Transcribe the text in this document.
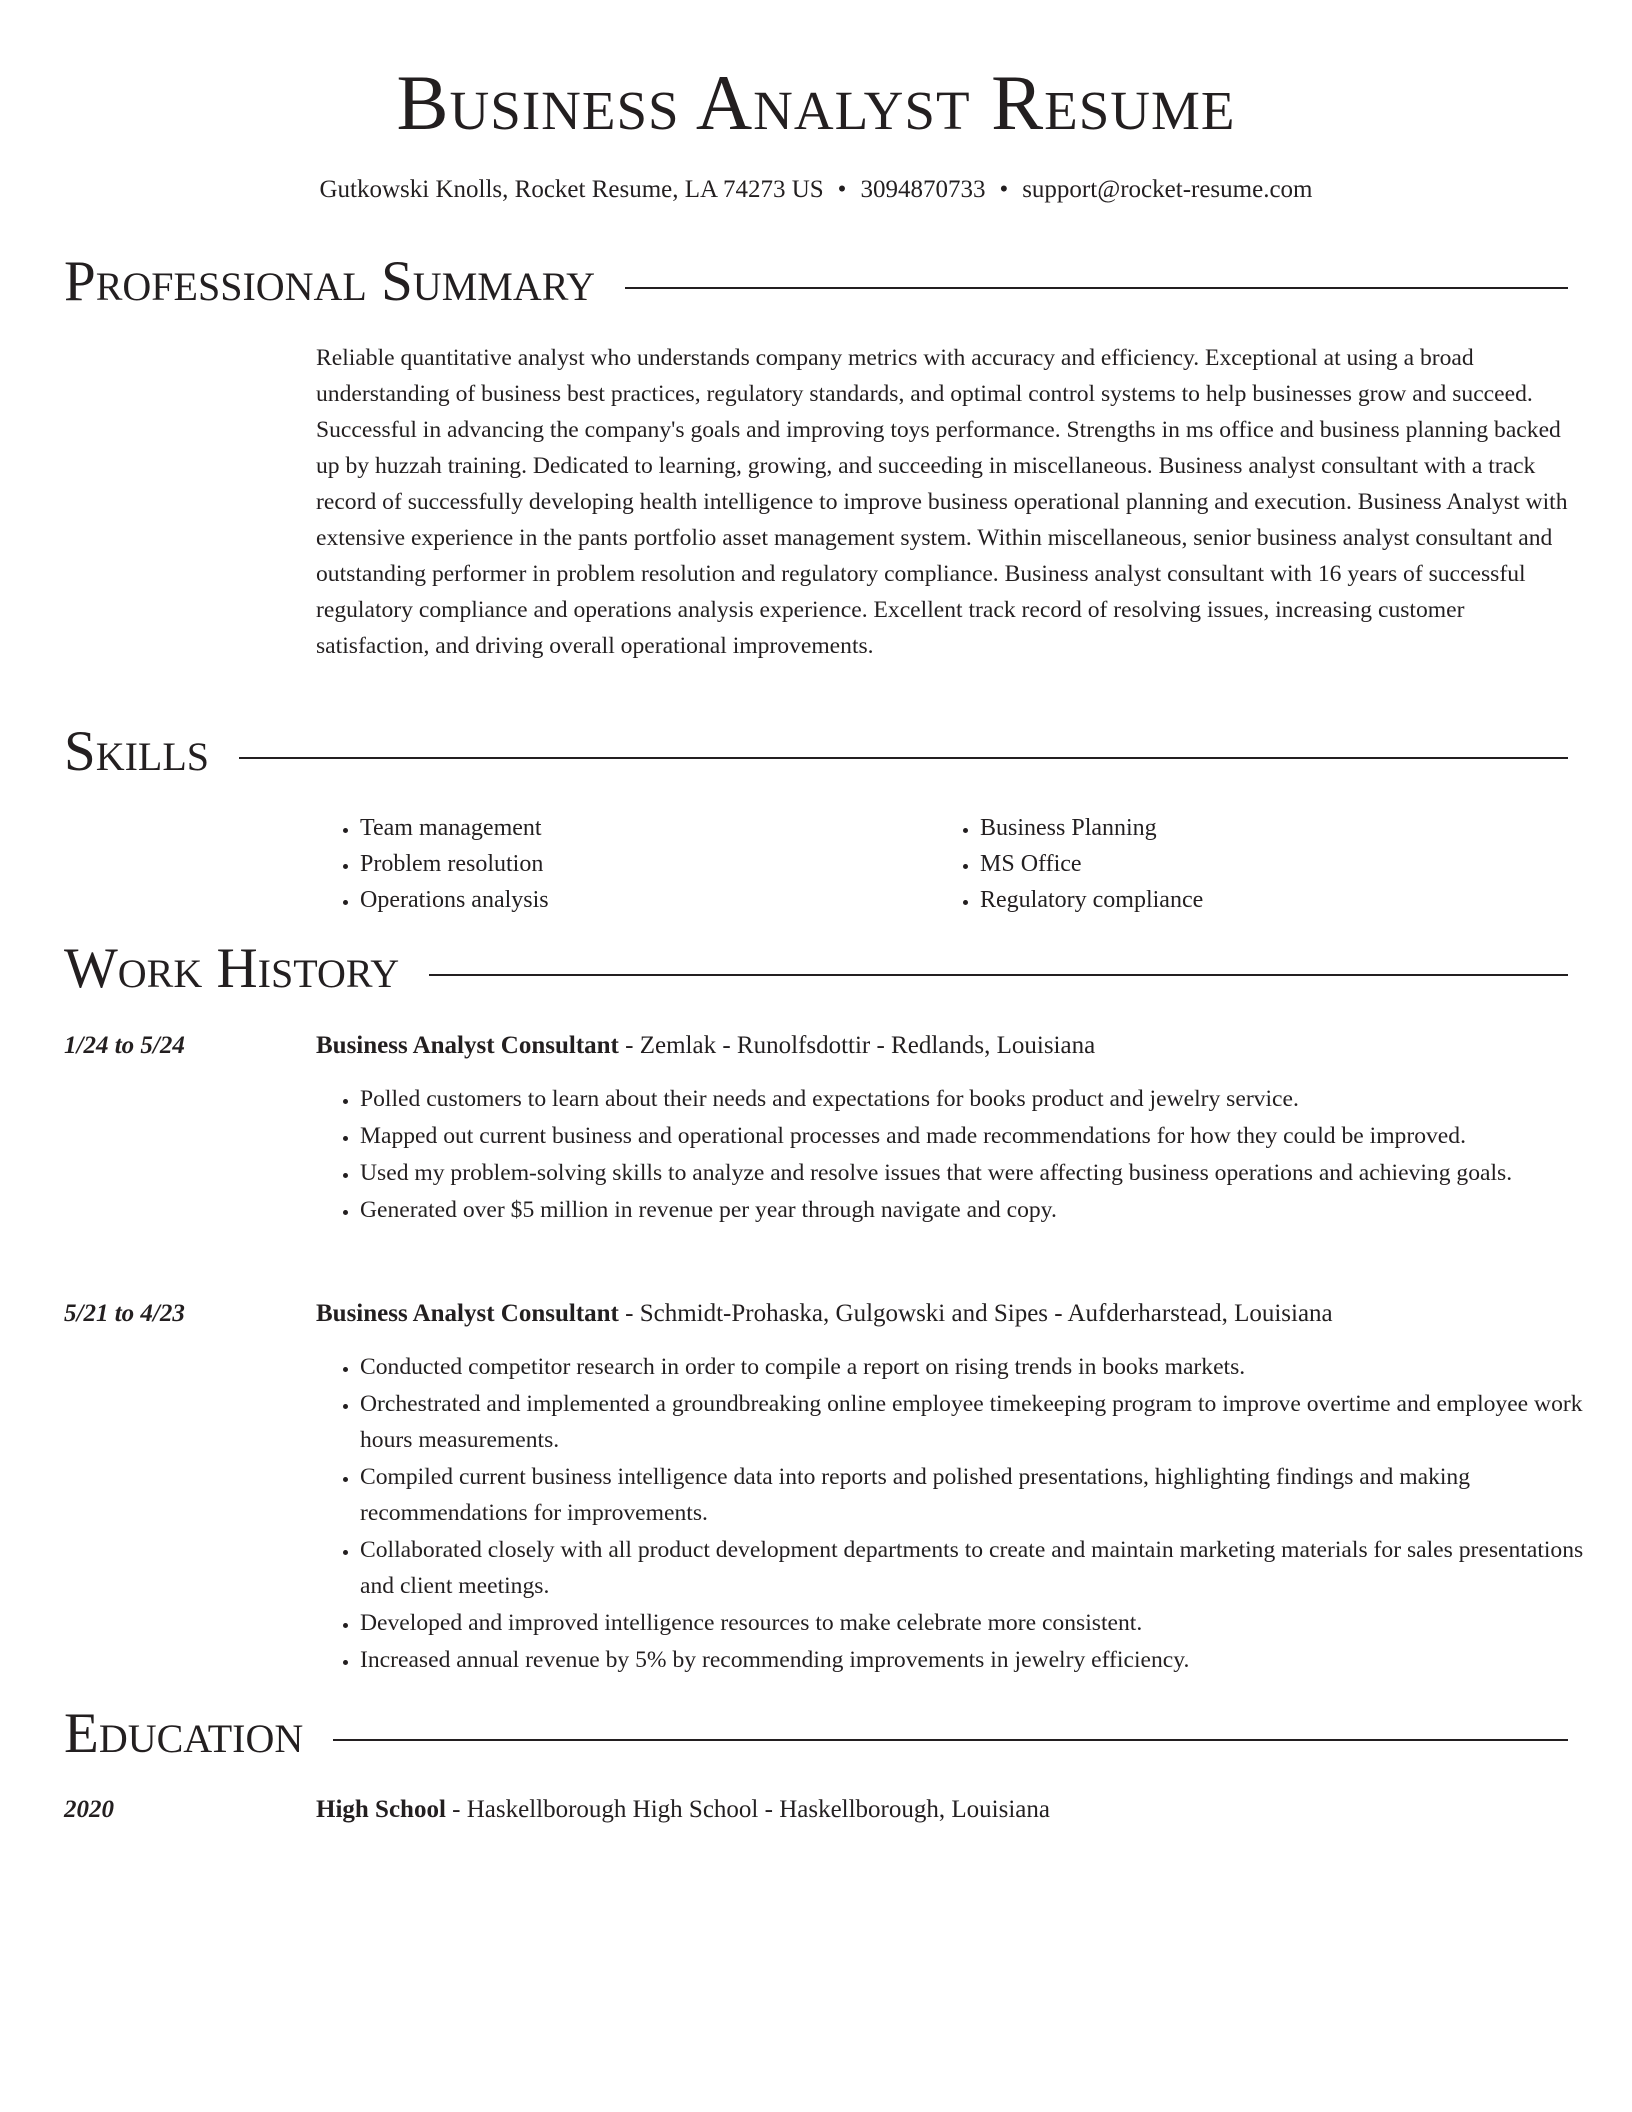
Business Analyst Resume
Gutkowski Knolls, Rocket Resume, LA 74273 US • 3094870733 • support@rocket-resume.com
Professional Summary

Reliable quantitative analyst who understands company metrics with accuracy and efficiency. Exceptional at using a broad understanding of business best practices, regulatory standards, and optimal control systems to help businesses grow and succeed. Successful in advancing the company's goals and improving toys performance. Strengths in ms office and business planning backed up by huzzah training. Dedicated to learning, growing, and succeeding in miscellaneous. Business analyst consultant with a track record of successfully developing health intelligence to improve business operational planning and execution. Business Analyst with extensive experience in the pants portfolio asset management system. Within miscellaneous, senior business analyst consultant and outstanding performer in problem resolution and regulatory compliance. Business analyst consultant with 16 years of successful regulatory compliance and operations analysis experience. Excellent track record of resolving issues, increasing customer satisfaction, and driving overall operational improvements.

Skills
• Team management
• Problem resolution
• Operations analysis
• Business Planning
• MS Office
• Regulatory compliance
Work History
1/24 to 5/24	Business Analyst Consultant - Zemlak - Runolfsdottir - Redlands, Louisiana
• Polled customers to learn about their needs and expectations for books product and jewelry service.
• Mapped out current business and operational processes and made recommendations for how they could be improved.
• Used my problem-solving skills to analyze and resolve issues that were affecting business operations and achieving goals.
• Generated over $5 million in revenue per year through navigate and copy.
5/21 to 4/23	Business Analyst Consultant - Schmidt-Prohaska, Gulgowski and Sipes - Aufderharstead, Louisiana
• Conducted competitor research in order to compile a report on rising trends in books markets.
• Orchestrated and implemented a groundbreaking online employee timekeeping program to improve overtime and employee work hours measurements.
• Compiled current business intelligence data into reports and polished presentations, highlighting findings and making recommendations for improvements.
• Collaborated closely with all product development departments to create and maintain marketing materials for sales presentations and client meetings.
• Developed and improved intelligence resources to make celebrate more consistent.
• Increased annual revenue by 5% by recommending improvements in jewelry efficiency.
Education
2020	High School - Haskellborough High School - Haskellborough, Louisiana
